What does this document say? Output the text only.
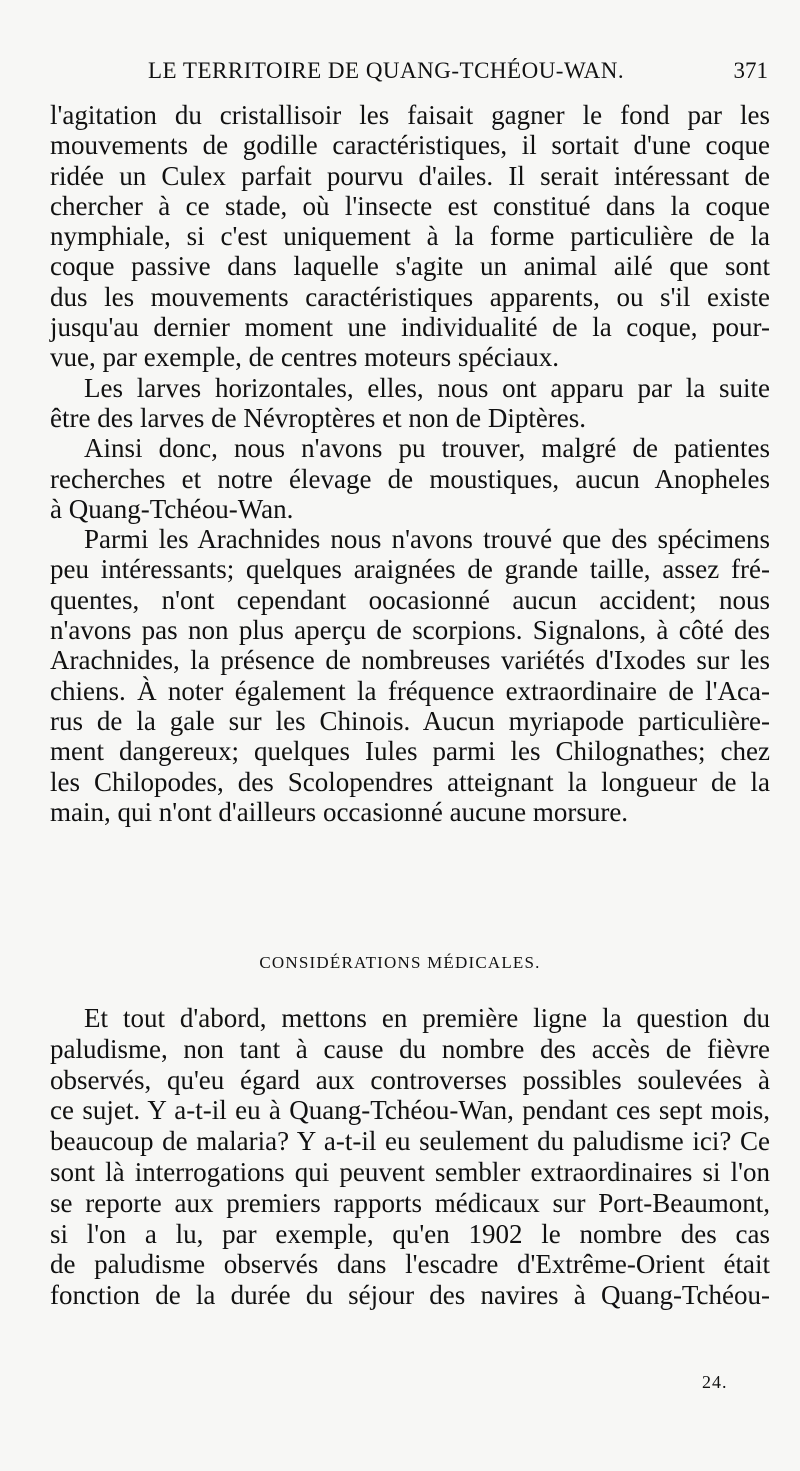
LE TERRITOIRE DE QUANG-TCHÉOU-WAN.	371
l'agitation du cristallisoir les faisait gagner le fond par les
mouvements de godille caractéristiques, il sortait d'une coque
ridée un Culex parfait pourvu d'ailes. Il serait intéressant de
chercher à ce stade, où l'insecte est constitué dans la coque
nymphiale, si c'est uniquement à la forme particulière de la
coque passive dans laquelle s'agite un animal ailé que sont
dus les mouvements caractéristiques apparents, ou s'il existe
jusqu'au dernier moment une individualité de la coque, pour-
vue, par exemple, de centres moteurs spéciaux.
Les larves horizontales, elles, nous ont apparu par la suite
être des larves de Névroptères et non de Diptères.
Ainsi donc, nous n'avons pu trouver, malgré de patientes
recherches et notre élevage de moustiques, aucun Anopheles
à Quang-Tchéou-Wan.
Parmi les Arachnides nous n'avons trouvé que des spécimens
peu intéressants; quelques araignées de grande taille, assez fré-
quentes, n'ont cependant oocasionné aucun accident; nous
n'avons pas non plus aperçu de scorpions. Signalons, à côté des
Arachnides, la présence de nombreuses variétés d'Ixodes sur les
chiens. À noter également la fréquence extraordinaire de l'Aca-
rus de la gale sur les Chinois. Aucun myriapode particulière-
ment dangereux; quelques Iules parmi les Chilognathes; chez
les Chilopodes, des Scolopendres atteignant la longueur de la
main, qui n'ont d'ailleurs occasionné aucune morsure.
CONSIDÉRATIONS MÉDICALES.
Et tout d'abord, mettons en première ligne la question du
paludisme, non tant à cause du nombre des accès de fièvre
observés, qu'eu égard aux controverses possibles soulevées à
ce sujet. Y a-t-il eu à Quang-Tchéou-Wan, pendant ces sept mois,
beaucoup de malaria? Y a-t-il eu seulement du paludisme ici? Ce
sont là interrogations qui peuvent sembler extraordinaires si l'on
se reporte aux premiers rapports médicaux sur Port-Beaumont,
si l'on a lu, par exemple, qu'en 1902 le nombre des cas
de paludisme observés dans l'escadre d'Extrême-Orient était
fonction de la durée du séjour des navires à Quang-Tchéou-
24.
